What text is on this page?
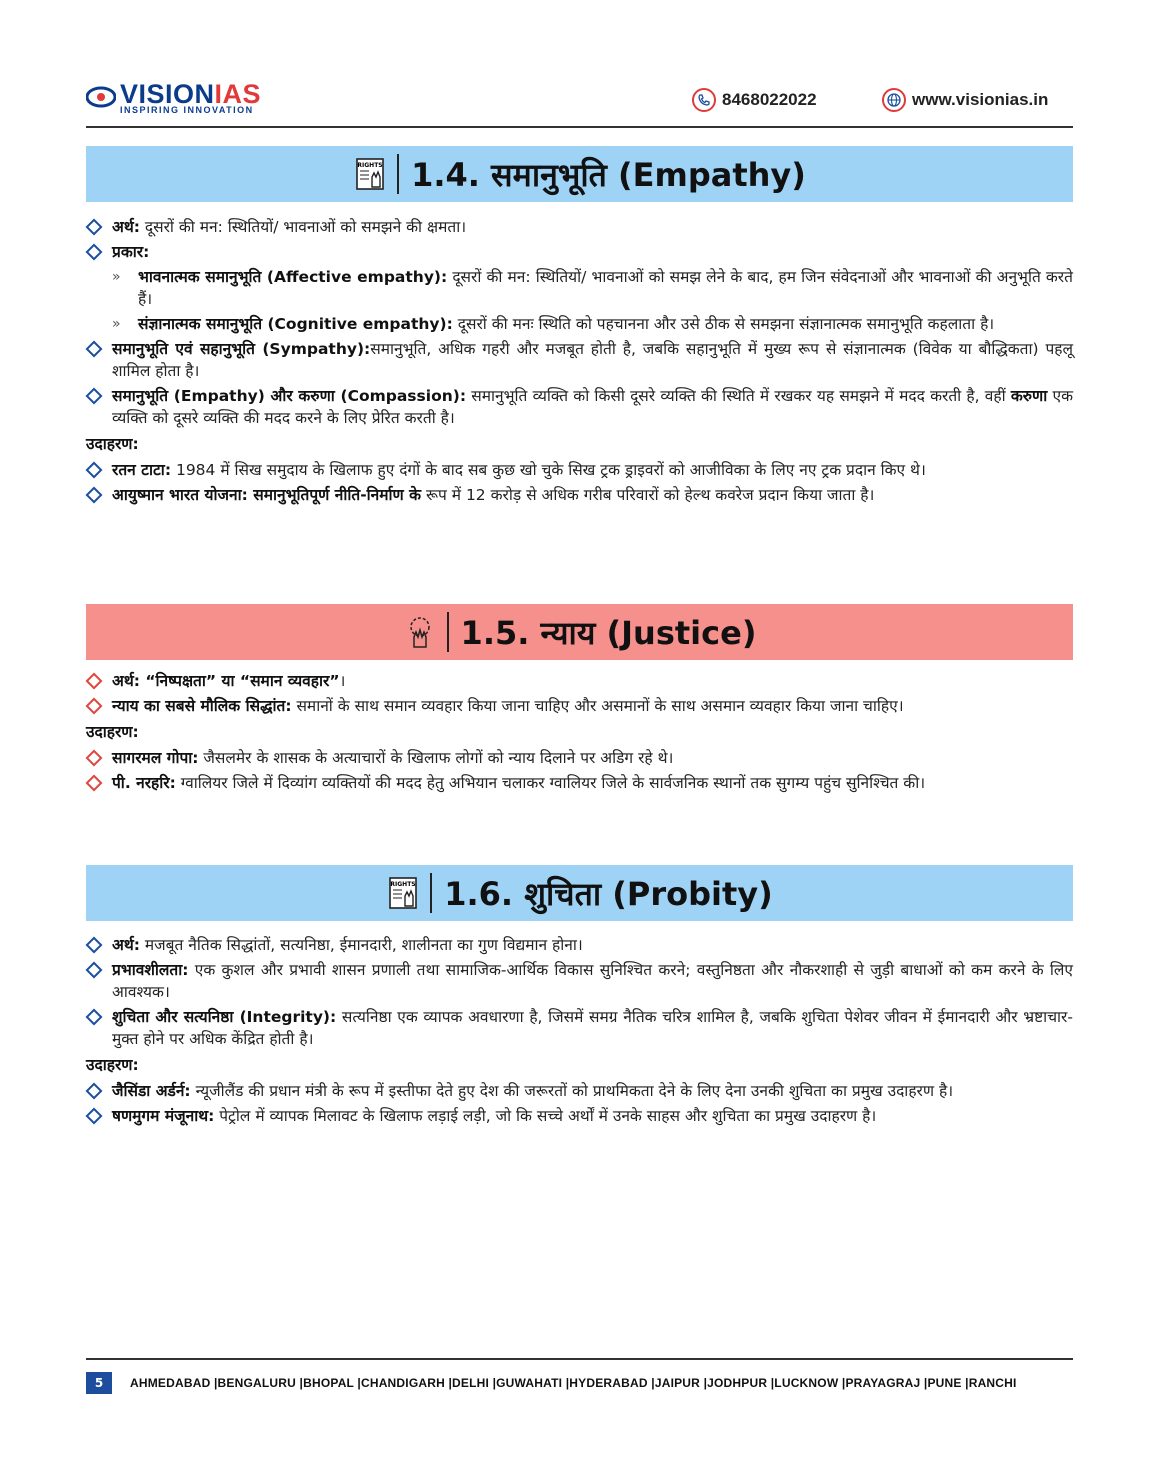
VISIONIAS
INSPIRING INNOVATION
8468022022	www.visionias.in
RIGHTS 1.4. समानुभूति (Empathy)
अर्थ: दूसरों की मन: स्थितियों/ भावनाओं को समझने की क्षमता।
प्रकार:
» भावनात्मक समानुभूति (Affective empathy): दूसरों की मन: स्थितियों/ भावनाओं को समझ लेने के बाद, हम जिन संवेदनाओं और भावनाओं की अनुभूति करते हैं।
» संज्ञानात्मक समानुभूति (Cognitive empathy): दूसरों की मनः स्थिति को पहचानना और उसे ठीक से समझना संज्ञानात्मक समानुभूति कहलाता है।
समानुभूति एवं सहानुभूति (Sympathy):समानुभूति, अधिक गहरी और मजबूत होती है, जबकि सहानुभूति में मुख्य रूप से संज्ञानात्मक (विवेक या बौद्धिकता) पहलू शामिल होता है।
समानुभूति (Empathy) और करुणा (Compassion): समानुभूति व्यक्ति को किसी दूसरे व्यक्ति की स्थिति में रखकर यह समझने में मदद करती है, वहीं करुणा एक व्यक्ति को दूसरे व्यक्ति की मदद करने के लिए प्रेरित करती है।
उदाहरण:
रतन टाटा: 1984 में सिख समुदाय के खिलाफ हुए दंगों के बाद सब कुछ खो चुके सिख ट्रक ड्राइवरों को आजीविका के लिए नए ट्रक प्रदान किए थे।
आयुष्मान भारत योजना: समानुभूतिपूर्ण नीति-निर्माण के रूप में 12 करोड़ से अधिक गरीब परिवारों को हेल्थ कवरेज प्रदान किया जाता है।
1.5. न्याय (Justice)
अर्थ: “निष्पक्षता” या “समान व्यवहार”।
न्याय का सबसे मौलिक सिद्धांत: समानों के साथ समान व्यवहार किया जाना चाहिए और असमानों के साथ असमान व्यवहार किया जाना चाहिए।
उदाहरण:
सागरमल गोपा: जैसलमेर के शासक के अत्याचारों के खिलाफ लोगों को न्याय दिलाने पर अडिग रहे थे।
पी. नरहरि: ग्वालियर जिले में दिव्यांग व्यक्तियों की मदद हेतु अभियान चलाकर ग्वालियर जिले के सार्वजनिक स्थानों तक सुगम्य पहुंच सुनिश्चित की।
RIGHTS 1.6. शुचिता (Probity)
अर्थ: मजबूत नैतिक सिद्धांतों, सत्यनिष्ठा, ईमानदारी, शालीनता का गुण विद्यमान होना।
प्रभावशीलता: एक कुशल और प्रभावी शासन प्रणाली तथा सामाजिक-आर्थिक विकास सुनिश्चित करने; वस्तुनिष्ठता और नौकरशाही से जुड़ी बाधाओं को कम करने के लिए आवश्यक।
शुचिता और सत्यनिष्ठा (Integrity): सत्यनिष्ठा एक व्यापक अवधारणा है, जिसमें समग्र नैतिक चरित्र शामिल है, जबकि शुचिता पेशेवर जीवन में ईमानदारी और भ्रष्टाचार-मुक्त होने पर अधिक केंद्रित होती है।
उदाहरण:
जैसिंडा अर्डर्न: न्यूजीलैंड की प्रधान मंत्री के रूप में इस्तीफा देते हुए देश की जरूरतों को प्राथमिकता देने के लिए देना उनकी शुचिता का प्रमुख उदाहरण है।
षणमुगम मंजूनाथ: पेट्रोल में व्यापक मिलावट के खिलाफ लड़ाई लड़ी, जो कि सच्चे अर्थों में उनके साहस और शुचिता का प्रमुख उदाहरण है।
5	AHMEDABAD |BENGALURU |BHOPAL |CHANDIGARH |DELHI |GUWAHATI |HYDERABAD |JAIPUR |JODHPUR |LUCKNOW |PRAYAGRAJ |PUNE |RANCHI
